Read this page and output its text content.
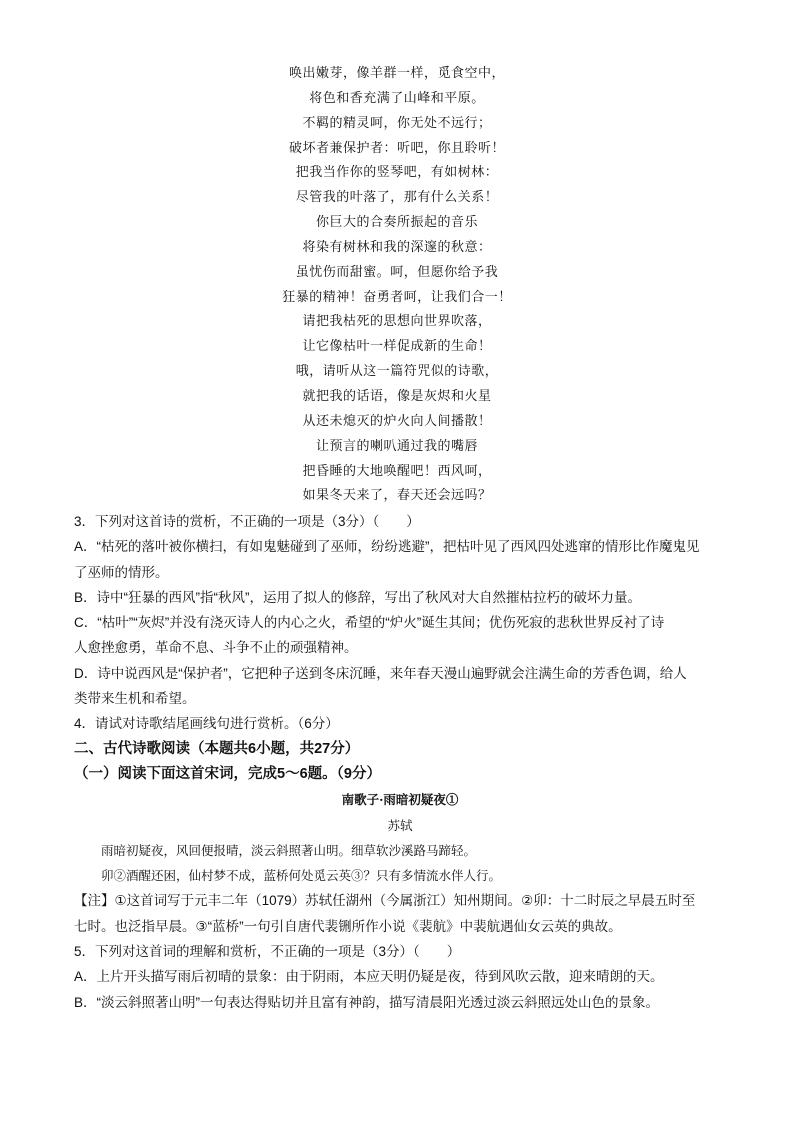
唤出嫩芽，像羊群一样，觅食空中，
将色和香充满了山峰和平原。
不羁的精灵呵，你无处不远行；
破坏者兼保护者：听吧，你且聆听！
把我当作你的竖琴吧，有如树林：
尽管我的叶落了，那有什么关系！
你巨大的合奏所振起的音乐
将染有树林和我的深邃的秋意：
虽忧伤而甜蜜。呵，但愿你给予我
狂暴的精神！奋勇者呵，让我们合一！
请把我枯死的思想向世界吹落，
让它像枯叶一样促成新的生命！
哦，请听从这一篇符咒似的诗歌，
就把我的话语，像是灰烬和火星
从还未熄灭的炉火向人间播散！
让预言的喇叭通过我的嘴唇
把昏睡的大地唤醒吧！西风呵，
如果冬天来了，春天还会远吗？
3．下列对这首诗的赏析，不正确的一项是（3分）（　　）
A．“枯死的落叶被你横扫，有如鬼魅碰到了巫师，纷纷逃避”，把枯叶见了西风四处逃窜的情形比作魔鬼见
了巫师的情形。
B．诗中“狂暴的西风”指“秋风”，运用了拟人的修辞，写出了秋风对大自然摧枯拉朽的破坏力量。
C．“枯叶”“灰烬”并没有浇灭诗人的内心之火，希望的“炉火”诞生其间；优伤死寂的悲秋世界反衬了诗
人愈挫愈勇，革命不息、斗争不止的顽强精神。
D．诗中说西风是“保护者”，它把种子送到冬床沉睡，来年春天漫山遍野就会注满生命的芳香色调，给人
类带来生机和希望。
4．请试对诗歌结尾画线句进行赏析。（6分）
二、古代诗歌阅读（本题共6小题，共27分）
（一）阅读下面这首宋词，完成5～6题。（9分）
南歌子·雨暗初疑夜①
苏轼
雨暗初疑夜，风回便报晴，淡云斜照著山明。细草软沙溪路马蹄轻。
卯②酒醒还困，仙村梦不成，蓝桥何处觅云英③？只有多情流水伴人行。
【注】①这首词写于元丰二年（1079）苏轼任湖州（今属浙江）知州期间。②卯：十二时辰之早晨五时至
七时。也泛指早晨。③“蓝桥”一句引自唐代裴铏所作小说《裴航》中裴航遇仙女云英的典故。
5．下列对这首词的理解和赏析，不正确的一项是（3分）（　　）
A．上片开头描写雨后初晴的景象：由于阴雨，本应天明仍疑是夜，待到风吹云散，迎来晴朗的天。
B．“淡云斜照著山明”一句表达得贴切并且富有神韵，描写清晨阳光透过淡云斜照远处山色的景象。
